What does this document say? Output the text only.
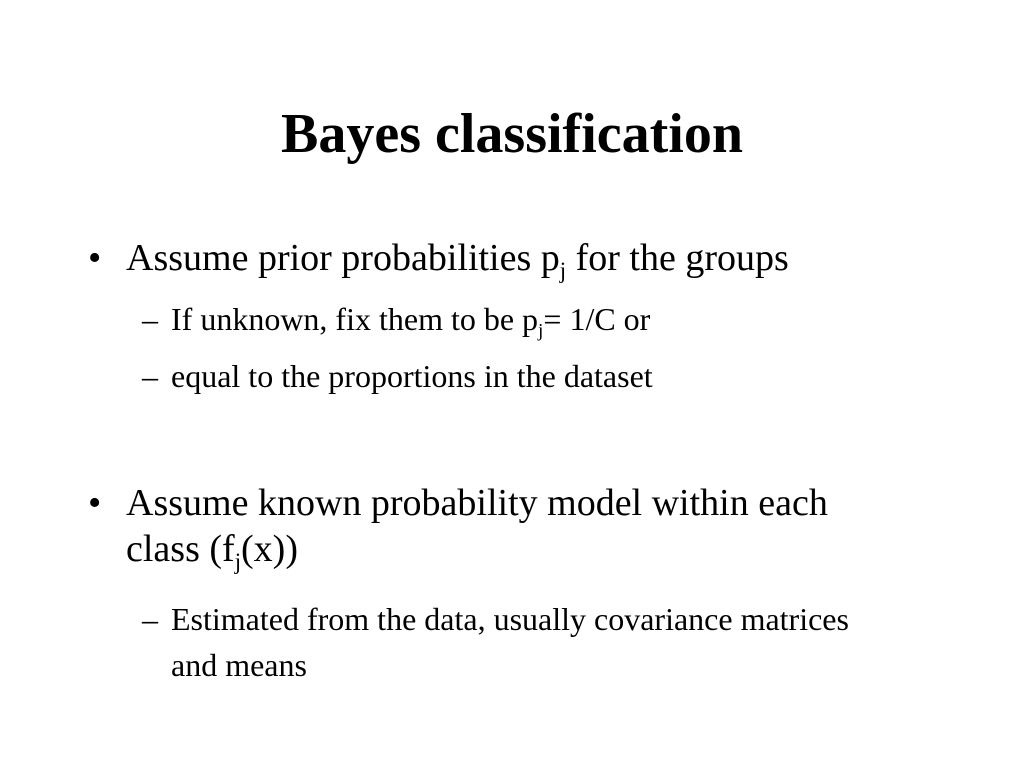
Bayes classification
• Assume prior probabilities $p_j$ for the groups
– If unknown, fix them to be $p_j= 1/C$ or
– equal to the proportions in the dataset
• Assume known probability model within each class $(f_j(x))$
– Estimated from the data, usually covariance matrices and means
